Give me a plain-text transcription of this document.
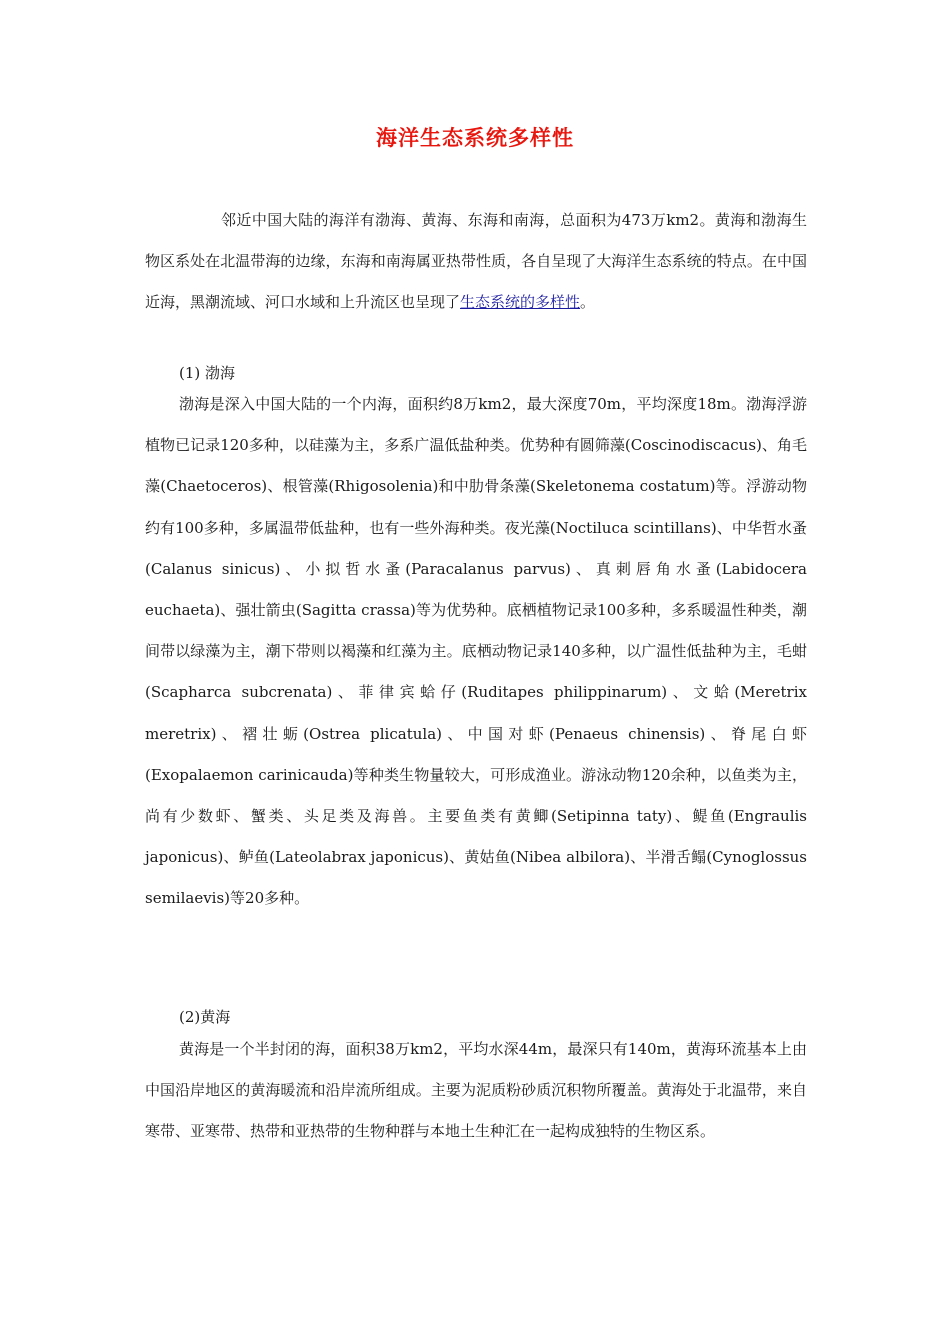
海洋生态系统多样性

邻近中国大陆的海洋有渤海、黄海、东海和南海，总面积为473万km2。黄海和渤海生物区系处在北温带海的边缘，东海和南海属亚热带性质，各自呈现了大海洋生态系统的特点。在中国近海，黑潮流域、河口水域和上升流区也呈现了生态系统的多样性。

(1) 渤海

渤海是深入中国大陆的一个内海，面积约8万km2，最大深度70m，平均深度18m。渤海浮游植物已记录120多种，以硅藻为主，多系广温低盐种类。优势种有圆筛藻(Coscinodiscacus)、角毛藻(Chaetoceros)、根管藻(Rhigosolenia)和中肋骨条藻(Skeletonema costatum)等。浮游动物约有100多种，多属温带低盐种，也有一些外海种类。夜光藻(Noctiluca scintillans)、中华哲水蚤(Calanus sinicus)、小拟哲水蚤(Paracalanus parvus)、真刺唇角水蚤(Labidocera euchaeta)、强壮箭虫(Sagitta crassa)等为优势种。底栖植物记录100多种，多系暖温性种类，潮间带以绿藻为主，潮下带则以褐藻和红藻为主。底栖动物记录140多种，以广温性低盐种为主，毛蚶(Scapharca subcrenata)、菲律宾蛤仔(Ruditapes philippinarum)、文蛤(Meretrix meretrix)、褶壮蛎(Ostrea plicatula)、中国对虾(Penaeus chinensis)、脊尾白虾(Exopalaemon carinicauda)等种类生物量较大，可形成渔业。游泳动物120余种，以鱼类为主，尚有少数虾、蟹类、头足类及海兽。主要鱼类有黄鲫(Setipinna taty)、鳀鱼(Engraulis japonicus)、鲈鱼(Lateolabrax japonicus)、黄姑鱼(Nibea albilora)、半滑舌鳎(Cynoglossus semilaevis)等20多种。

(2)黄海

黄海是一个半封闭的海，面积38万km2，平均水深44m，最深只有140m，黄海环流基本上由中国沿岸地区的黄海暖流和沿岸流所组成。主要为泥质粉砂质沉积物所覆盖。黄海处于北温带，来自寒带、亚寒带、热带和亚热带的生物种群与本地土生种汇在一起构成独特的生物区系。
